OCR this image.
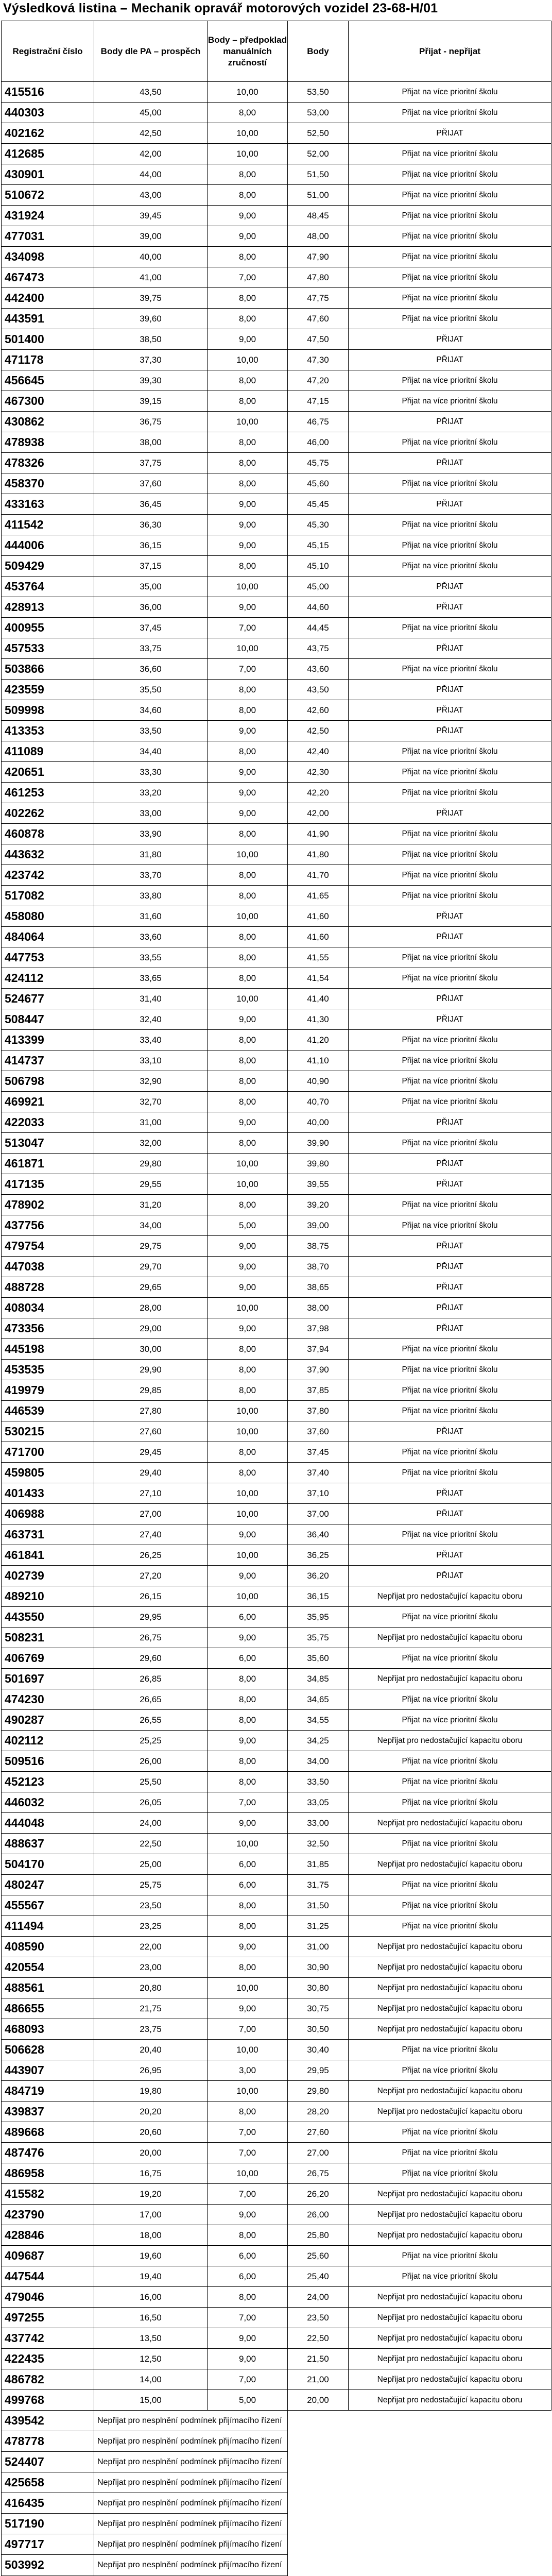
Výsledková listina – Mechanik opravář motorových vozidel 23-68-H/01
Registrační číslo	Body dle PA – prospěch	Body – předpoklad manuálních zručností	Body	Přijat - nepřijat
415516	43,50	10,00	53,50	Přijat na více prioritní školu
440303	45,00	8,00	53,00	Přijat na více prioritní školu
402162	42,50	10,00	52,50	PŘIJAT
412685	42,00	10,00	52,00	Přijat na více prioritní školu
430901	44,00	8,00	51,50	Přijat na více prioritní školu
510672	43,00	8,00	51,00	Přijat na více prioritní školu
431924	39,45	9,00	48,45	Přijat na více prioritní školu
477031	39,00	9,00	48,00	Přijat na více prioritní školu
434098	40,00	8,00	47,90	Přijat na více prioritní školu
467473	41,00	7,00	47,80	Přijat na více prioritní školu
442400	39,75	8,00	47,75	Přijat na více prioritní školu
443591	39,60	8,00	47,60	Přijat na více prioritní školu
501400	38,50	9,00	47,50	PŘIJAT
471178	37,30	10,00	47,30	PŘIJAT
456645	39,30	8,00	47,20	Přijat na více prioritní školu
467300	39,15	8,00	47,15	Přijat na více prioritní školu
430862	36,75	10,00	46,75	PŘIJAT
478938	38,00	8,00	46,00	Přijat na více prioritní školu
478326	37,75	8,00	45,75	PŘIJAT
458370	37,60	8,00	45,60	Přijat na více prioritní školu
433163	36,45	9,00	45,45	PŘIJAT
411542	36,30	9,00	45,30	Přijat na více prioritní školu
444006	36,15	9,00	45,15	Přijat na více prioritní školu
509429	37,15	8,00	45,10	Přijat na více prioritní školu
453764	35,00	10,00	45,00	PŘIJAT
428913	36,00	9,00	44,60	PŘIJAT
400955	37,45	7,00	44,45	Přijat na více prioritní školu
457533	33,75	10,00	43,75	PŘIJAT
503866	36,60	7,00	43,60	Přijat na více prioritní školu
423559	35,50	8,00	43,50	PŘIJAT
509998	34,60	8,00	42,60	PŘIJAT
413353	33,50	9,00	42,50	PŘIJAT
411089	34,40	8,00	42,40	Přijat na více prioritní školu
420651	33,30	9,00	42,30	Přijat na více prioritní školu
461253	33,20	9,00	42,20	Přijat na více prioritní školu
402262	33,00	9,00	42,00	PŘIJAT
460878	33,90	8,00	41,90	Přijat na více prioritní školu
443632	31,80	10,00	41,80	Přijat na více prioritní školu
423742	33,70	8,00	41,70	Přijat na více prioritní školu
517082	33,80	8,00	41,65	Přijat na více prioritní školu
458080	31,60	10,00	41,60	PŘIJAT
484064	33,60	8,00	41,60	PŘIJAT
447753	33,55	8,00	41,55	Přijat na více prioritní školu
424112	33,65	8,00	41,54	Přijat na více prioritní školu
524677	31,40	10,00	41,40	PŘIJAT
508447	32,40	9,00	41,30	PŘIJAT
413399	33,40	8,00	41,20	Přijat na více prioritní školu
414737	33,10	8,00	41,10	Přijat na více prioritní školu
506798	32,90	8,00	40,90	Přijat na více prioritní školu
469921	32,70	8,00	40,70	Přijat na více prioritní školu
422033	31,00	9,00	40,00	PŘIJAT
513047	32,00	8,00	39,90	Přijat na více prioritní školu
461871	29,80	10,00	39,80	PŘIJAT
417135	29,55	10,00	39,55	PŘIJAT
478902	31,20	8,00	39,20	Přijat na více prioritní školu
437756	34,00	5,00	39,00	Přijat na více prioritní školu
479754	29,75	9,00	38,75	PŘIJAT
447038	29,70	9,00	38,70	PŘIJAT
488728	29,65	9,00	38,65	PŘIJAT
408034	28,00	10,00	38,00	PŘIJAT
473356	29,00	9,00	37,98	PŘIJAT
445198	30,00	8,00	37,94	Přijat na více prioritní školu
453535	29,90	8,00	37,90	Přijat na více prioritní školu
419979	29,85	8,00	37,85	Přijat na více prioritní školu
446539	27,80	10,00	37,80	Přijat na více prioritní školu
530215	27,60	10,00	37,60	PŘIJAT
471700	29,45	8,00	37,45	Přijat na více prioritní školu
459805	29,40	8,00	37,40	Přijat na více prioritní školu
401433	27,10	10,00	37,10	PŘIJAT
406988	27,00	10,00	37,00	PŘIJAT
463731	27,40	9,00	36,40	Přijat na více prioritní školu
461841	26,25	10,00	36,25	PŘIJAT
402739	27,20	9,00	36,20	PŘIJAT
489210	26,15	10,00	36,15	Nepřijat pro nedostačující kapacitu oboru
443550	29,95	6,00	35,95	Přijat na více prioritní školu
508231	26,75	9,00	35,75	Nepřijat pro nedostačující kapacitu oboru
406769	29,60	6,00	35,60	Přijat na více prioritní školu
501697	26,85	8,00	34,85	Nepřijat pro nedostačující kapacitu oboru
474230	26,65	8,00	34,65	Přijat na více prioritní školu
490287	26,55	8,00	34,55	Přijat na více prioritní školu
402112	25,25	9,00	34,25	Nepřijat pro nedostačující kapacitu oboru
509516	26,00	8,00	34,00	Přijat na více prioritní školu
452123	25,50	8,00	33,50	Přijat na více prioritní školu
446032	26,05	7,00	33,05	Přijat na více prioritní školu
444048	24,00	9,00	33,00	Nepřijat pro nedostačující kapacitu oboru
488637	22,50	10,00	32,50	Přijat na více prioritní školu
504170	25,00	6,00	31,85	Nepřijat pro nedostačující kapacitu oboru
480247	25,75	6,00	31,75	Přijat na více prioritní školu
455567	23,50	8,00	31,50	Přijat na více prioritní školu
411494	23,25	8,00	31,25	Přijat na více prioritní školu
408590	22,00	9,00	31,00	Nepřijat pro nedostačující kapacitu oboru
420554	23,00	8,00	30,90	Nepřijat pro nedostačující kapacitu oboru
488561	20,80	10,00	30,80	Nepřijat pro nedostačující kapacitu oboru
486655	21,75	9,00	30,75	Nepřijat pro nedostačující kapacitu oboru
468093	23,75	7,00	30,50	Nepřijat pro nedostačující kapacitu oboru
506628	20,40	10,00	30,40	Přijat na více prioritní školu
443907	26,95	3,00	29,95	Přijat na více prioritní školu
484719	19,80	10,00	29,80	Nepřijat pro nedostačující kapacitu oboru
439837	20,20	8,00	28,20	Nepřijat pro nedostačující kapacitu oboru
489668	20,60	7,00	27,60	Přijat na více prioritní školu
487476	20,00	7,00	27,00	Přijat na více prioritní školu
486958	16,75	10,00	26,75	Přijat na více prioritní školu
415582	19,20	7,00	26,20	Nepřijat pro nedostačující kapacitu oboru
423790	17,00	9,00	26,00	Nepřijat pro nedostačující kapacitu oboru
428846	18,00	8,00	25,80	Nepřijat pro nedostačující kapacitu oboru
409687	19,60	6,00	25,60	Přijat na více prioritní školu
447544	19,40	6,00	25,40	Přijat na více prioritní školu
479046	16,00	8,00	24,00	Nepřijat pro nedostačující kapacitu oboru
497255	16,50	7,00	23,50	Nepřijat pro nedostačující kapacitu oboru
437742	13,50	9,00	22,50	Nepřijat pro nedostačující kapacitu oboru
422435	12,50	9,00	21,50	Nepřijat pro nedostačující kapacitu oboru
486782	14,00	7,00	21,00	Nepřijat pro nedostačující kapacitu oboru
499768	15,00	5,00	20,00	Nepřijat pro nedostačující kapacitu oboru
439542	Nepřijat pro nesplnění podmínek přijímacího řízení			
478778	Nepřijat pro nesplnění podmínek přijímacího řízení			
524407	Nepřijat pro nesplnění podmínek přijímacího řízení			
425658	Nepřijat pro nesplnění podmínek přijímacího řízení			
416435	Nepřijat pro nesplnění podmínek přijímacího řízení			
517190	Nepřijat pro nesplnění podmínek přijímacího řízení			
497717	Nepřijat pro nesplnění podmínek přijímacího řízení			
503992	Nepřijat pro nesplnění podmínek přijímacího řízení			
